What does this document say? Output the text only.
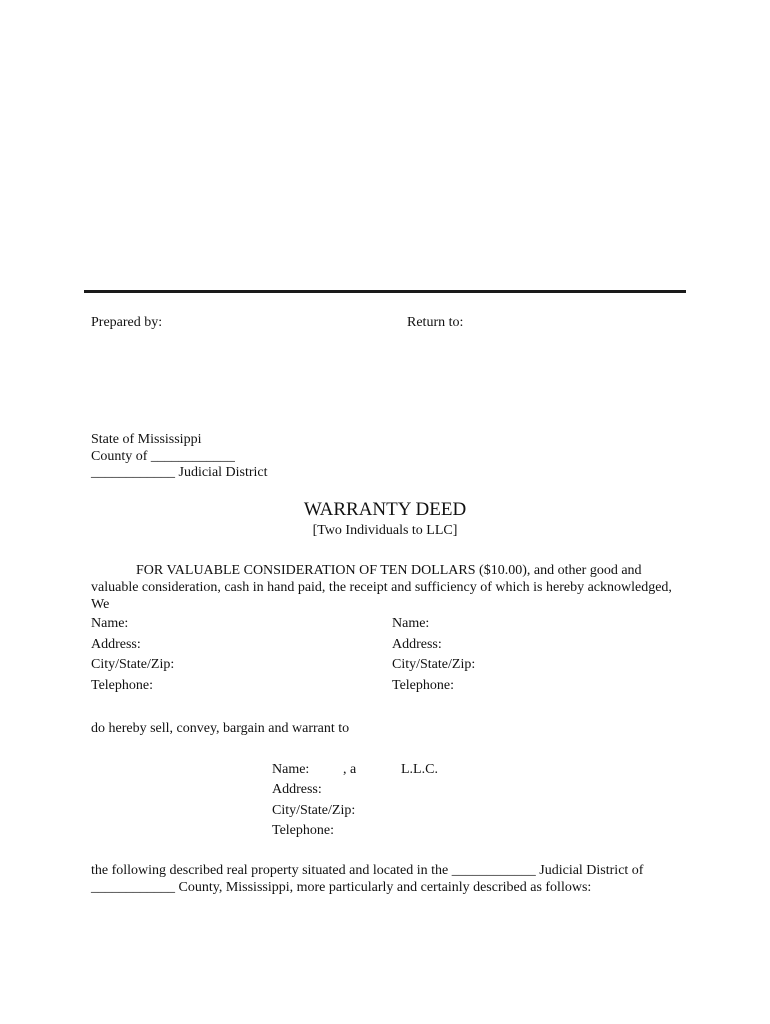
Prepared by:	Return to:
State of Mississippi
County of ____________
____________ Judicial District
WARRANTY DEED
[Two Individuals to LLC]
FOR VALUABLE CONSIDERATION OF TEN DOLLARS ($10.00), and other good and
valuable consideration, cash in hand paid, the receipt and sufficiency of which is hereby acknowledged,
We
Name:
Address:
City/State/Zip:
Telephone:
Name:
Address:
City/State/Zip:
Telephone:
do hereby sell, convey, bargain and warrant to
Name: , a	L.L.C.
Address:
City/State/Zip:
Telephone:
the following described real property situated and located in the ____________ Judicial District of
____________ County, Mississippi, more particularly and certainly described as follows:
